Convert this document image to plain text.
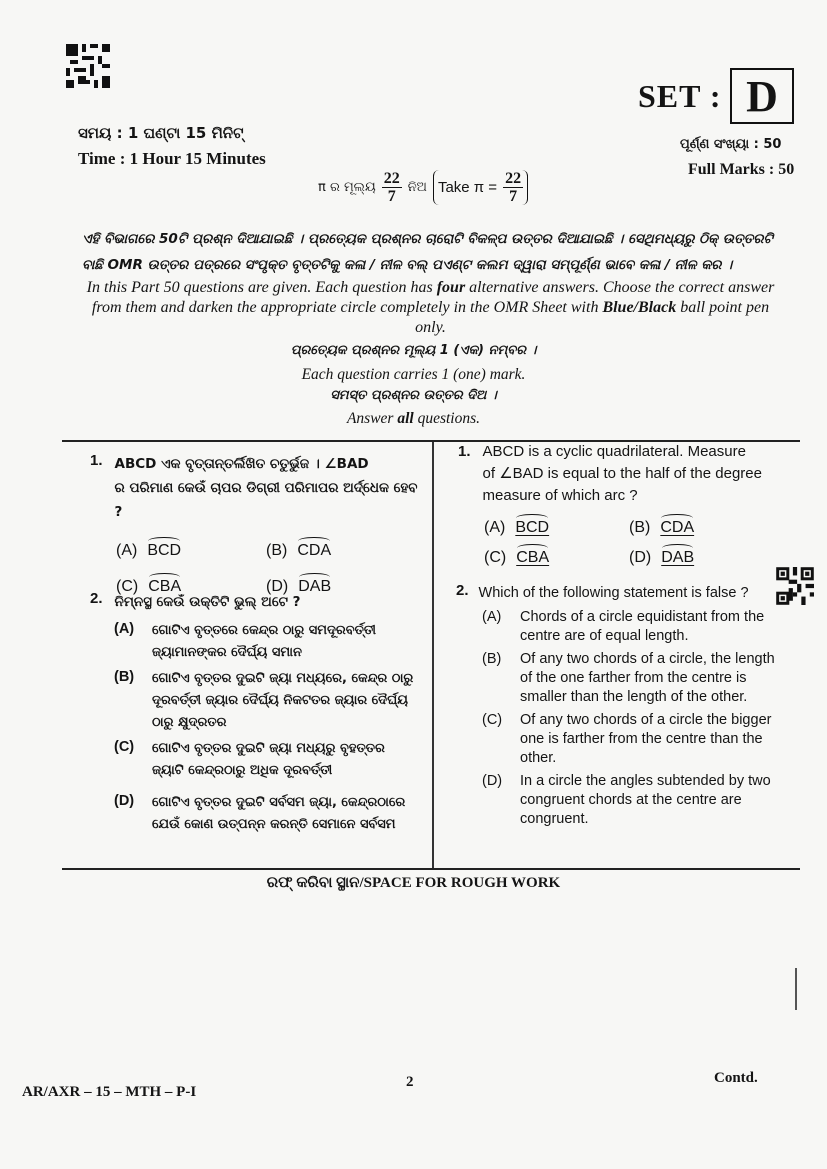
SET : D
ସମୟ : 1 ଘଣ୍ଟା 15 ମିନିଟ୍
Time : 1 Hour 15 Minutes
ପୂର୍ଣ୍ଣ ସଂଖ୍ୟା : 50
Full Marks : 50
π ର ମୂଲ୍ୟ $\frac{22}{7}$ ନିଅ Take $\pi = \frac{22}{7}$
ଏହି ବିଭାଗରେ 50ଟି ପ୍ରଶ୍ନ ଦିଆଯାଇଛି । ପ୍ରତ୍ୟେକ ପ୍ରଶ୍ନର ଚାରୋଟି ବିକଳ୍ପ ଉତ୍ତର ଦିଆଯାଇଛି । ସେଥିମଧ୍ୟରୁ ଠିକ୍ ଉତ୍ତରଟି ବାଛି OMR ଉତ୍ତର ପତ୍ରରେ ସଂପୃକ୍ତ ବୃତ୍ତଟିକୁ କଳା / ନୀଳ ବଲ୍ ପଏଣ୍ଟ କଲମ ଦ୍ୱାରା ସମ୍ପୂର୍ଣ୍ଣ ଭାବେ କଳା / ନୀଳ କର ।
In this Part 50 questions are given. Each question has four alternative answers. Choose the correct answer from them and darken the appropriate circle completely in the OMR Sheet with Blue/Black ball point pen only.
ପ୍ରତ୍ୟେକ ପ୍ରଶ୍ନର ମୂଲ୍ୟ 1 (ଏକ) ନମ୍ବର ।
Each question carries 1 (one) mark.
ସମସ୍ତ ପ୍ରଶ୍ନର ଉତ୍ତର ଦିଅ ।
Answer all questions.
1. ABCD ଏକ ବୃତ୍ତାନ୍ତର୍ଲିଖିତ ଚତୁର୍ଭୁଜ । ∠BAD
ର ପରିମାଣ କେଉଁ ଚାପର ଡିଗ୍ରୀ ପରିମାପର ଅର୍ଦ୍ଧେକ ହେବ ?
(A) BCD	(B) CDA
(C) CBA	(D) DAB
1. ABCD is a cyclic quadrilateral. Measure
of ∠BAD is equal to the half of the degree
measure of which arc ?
(A) BCD	(B) CDA
(C) CBA	(D) DAB
2. ନିମ୍ନସ୍ଥ କେଉଁ ଉକ୍ତିଟି ଭୁଲ୍ ଅଟେ ?
(A)	ଗୋଟିଏ ବୃତ୍ତରେ କେନ୍ଦ୍ର ଠାରୁ ସମଦୂରବର୍ତ୍ତୀ
ଜ୍ୟାମାନଙ୍କର ଦୈର୍ଘ୍ୟ ସମାନ
(B)	ଗୋଟିଏ ବୃତ୍ତର ଦୁଇଟି ଜ୍ୟା ମଧ୍ୟରେ, କେନ୍ଦ୍ର ଠାରୁ
ଦୂରବର୍ତ୍ତୀ ଜ୍ୟାର ଦୈର୍ଘ୍ୟ ନିକଟତର ଜ୍ୟାର ଦୈର୍ଘ୍ୟ
ଠାରୁ କ୍ଷୁଦ୍ରତର
(C)	ଗୋଟିଏ ବୃତ୍ତର ଦୁଇଟି ଜ୍ୟା ମଧ୍ୟରୁ ବୃହତ୍ତର
ଜ୍ୟାଟି କେନ୍ଦ୍ରଠାରୁ ଅଧିକ ଦୂରବର୍ତ୍ତୀ
(D)	ଗୋଟିଏ ବୃତ୍ତର ଦୁଇଟି ସର୍ବସମ ଜ୍ୟା, କେନ୍ଦ୍ରଠାରେ
ଯେଉଁ କୋଣ ଉତ୍ପନ୍ନ କରନ୍ତି ସେମାନେ ସର୍ବସମ
2. Which of the following statement is false ?
(A)	Chords of a circle equidistant from the centre are of equal length.
(B)	Of any two chords of a circle, the length of the one farther from the centre is smaller than the length of the other.
(C)	Of any two chords of a circle the bigger one is farther from the centre than the other.
(D)	In a circle the angles subtended by two congruent chords at the centre are congruent.
ରଫ୍ କରିବା ସ୍ଥାନ/SPACE FOR ROUGH WORK
AR/AXR – 15 – MTH – P-I
2	Contd.
